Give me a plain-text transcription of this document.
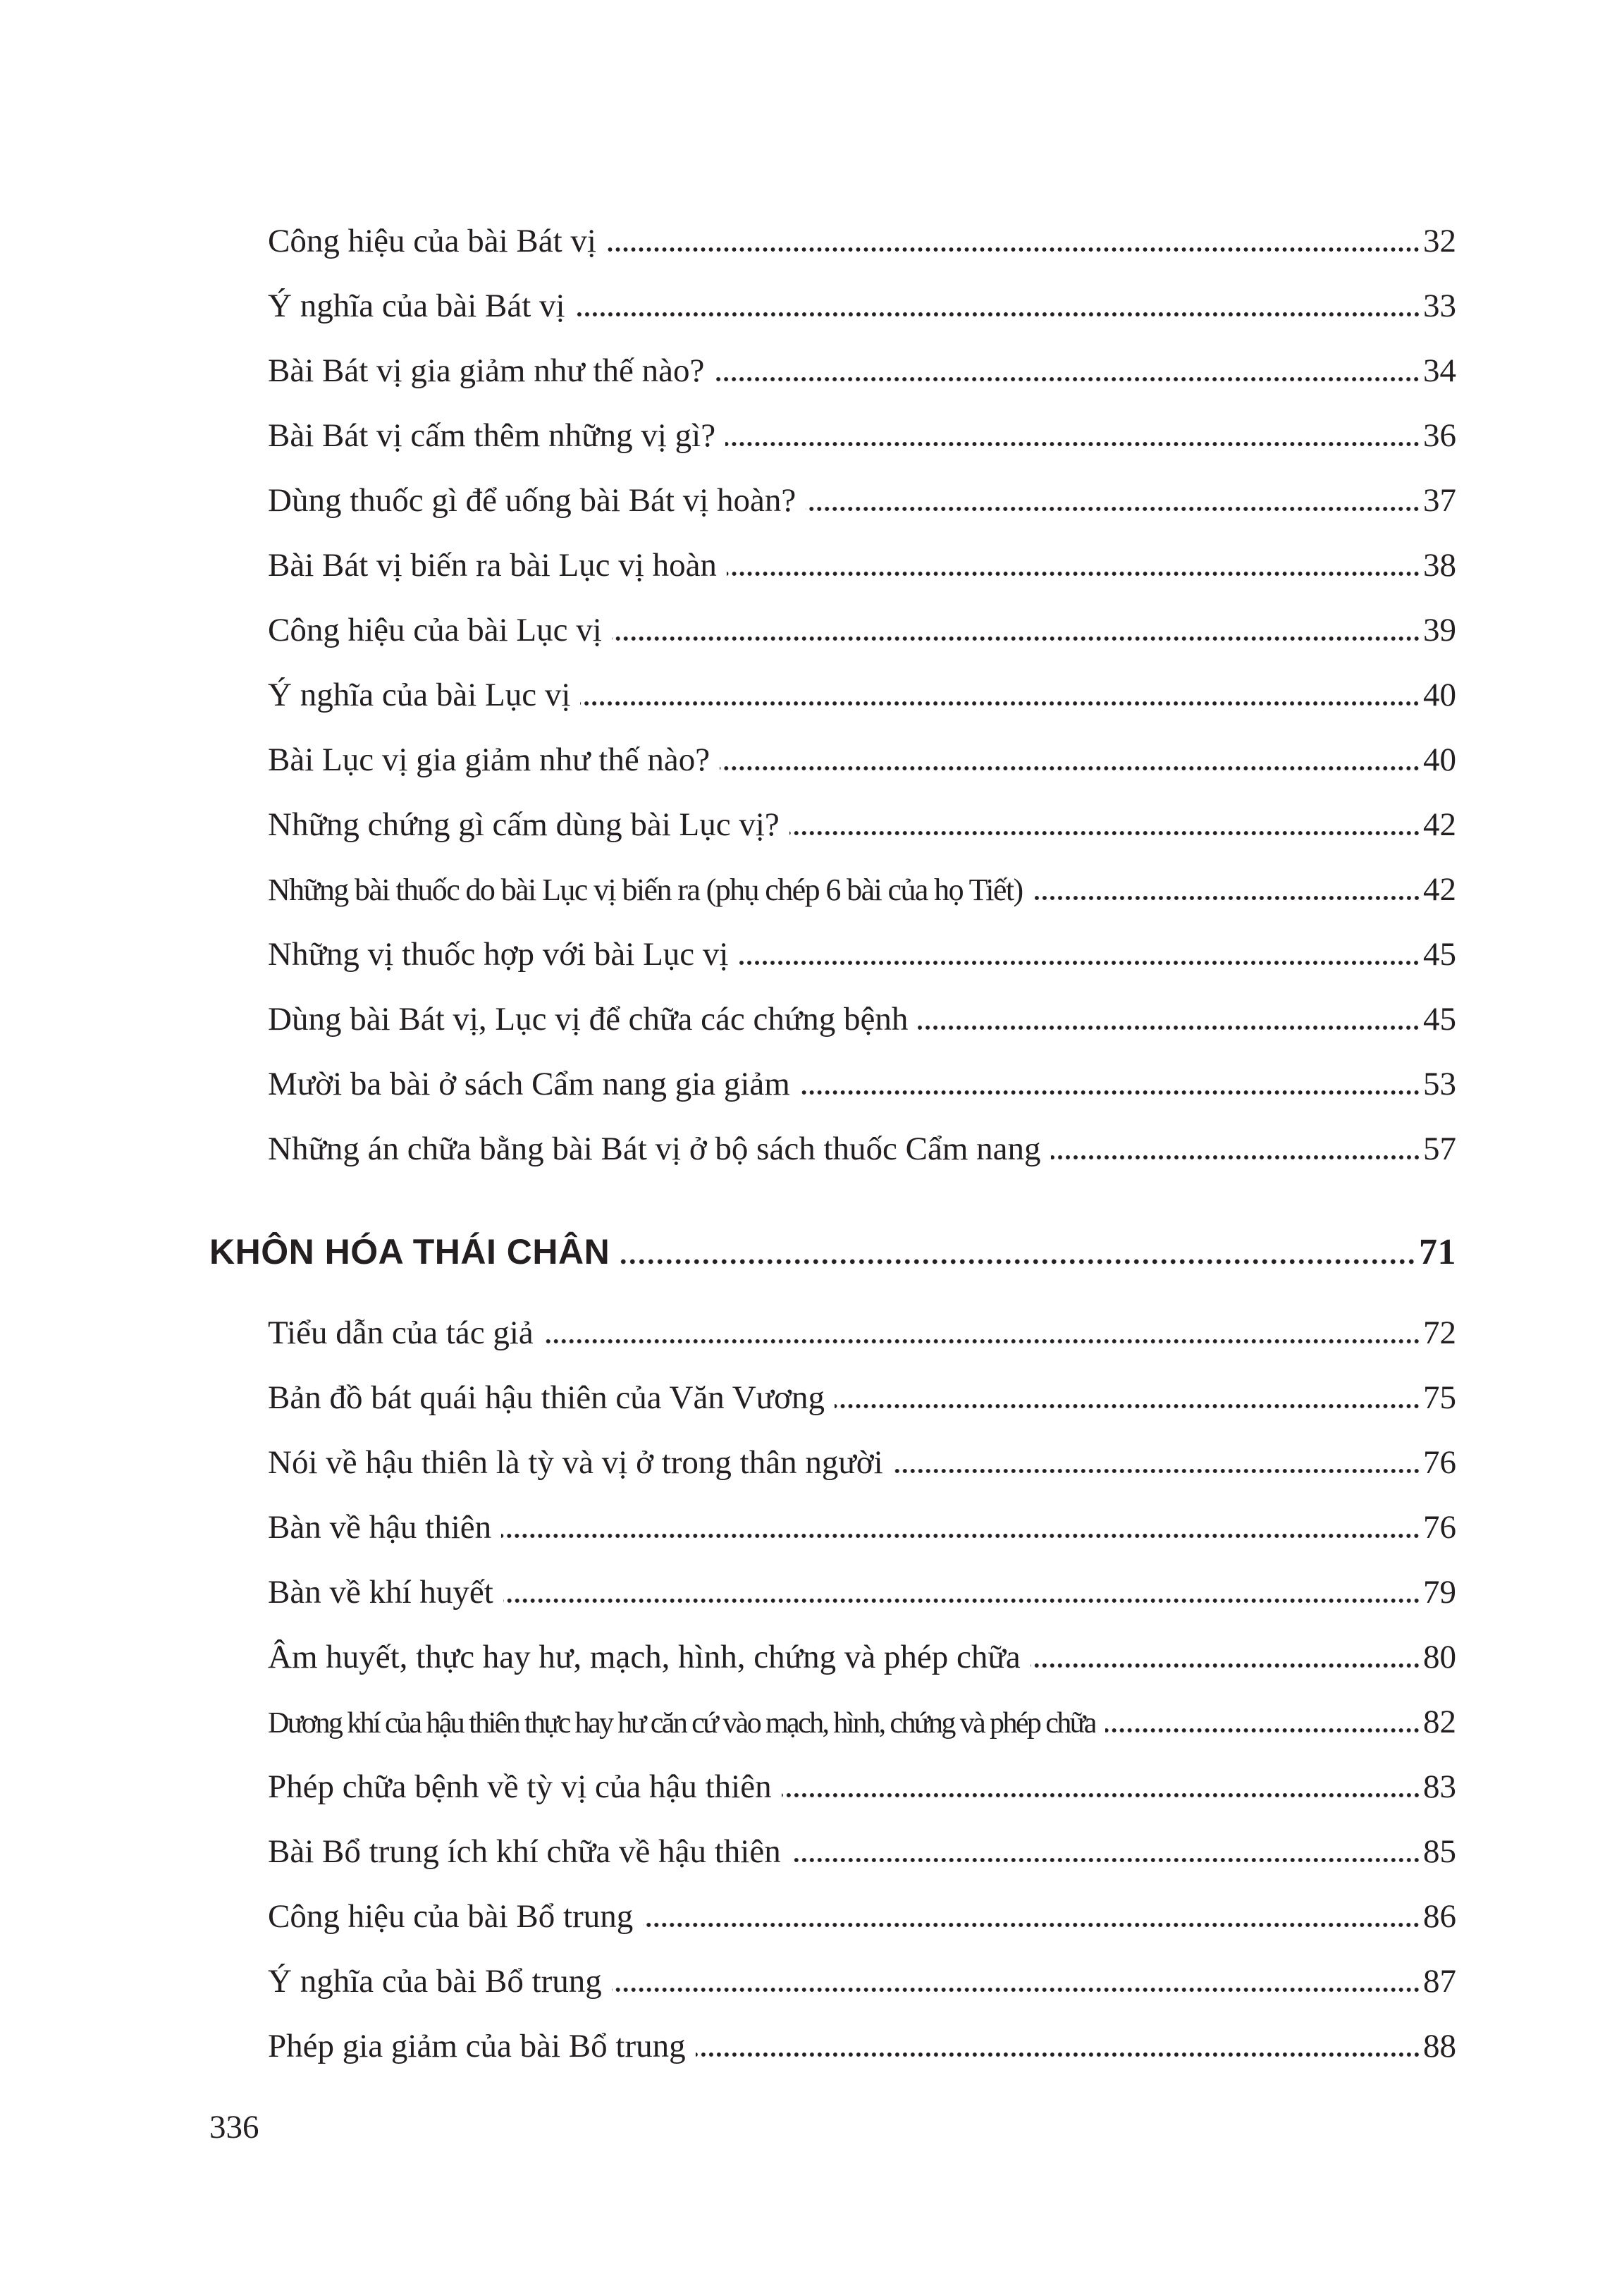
Công hiệu của bài Bát vị	32
Ý nghĩa của bài Bát vị	33
Bài Bát vị gia giảm như thế nào?	34
Bài Bát vị cấm thêm những vị gì?	36
Dùng thuốc gì để uống bài Bát vị hoàn?	37
Bài Bát vị biến ra bài Lục vị hoàn	38
Công hiệu của bài Lục vị	39
Ý nghĩa của bài Lục vị	40
Bài Lục vị gia giảm như thế nào?	40
Những chứng gì cấm dùng bài Lục vị?	42
Những bài thuốc do bài Lục vị biến ra (phụ chép 6 bài của họ Tiết)	42
Những vị thuốc hợp với bài Lục vị	45
Dùng bài Bát vị, Lục vị để chữa các chứng bệnh	45
Mười ba bài ở sách Cẩm nang gia giảm	53
Những án chữa bằng bài Bát vị ở bộ sách thuốc Cẩm nang	57
KHÔN HÓA THÁI CHÂN	71
Tiểu dẫn của tác giả	72
Bản đồ bát quái hậu thiên của Văn Vương	75
Nói về hậu thiên là tỳ và vị ở trong thân người	76
Bàn về hậu thiên	76
Bàn về khí huyết	79
Âm huyết, thực hay hư, mạch, hình, chứng và phép chữa	80
Dương khí của hậu thiên thực hay hư căn cứ vào mạch, hình, chứng và phép chữa	82
Phép chữa bệnh về tỳ vị của hậu thiên	83
Bài Bổ trung ích khí chữa về hậu thiên	85
Công hiệu của bài Bổ trung	86
Ý nghĩa của bài Bổ trung	87
Phép gia giảm của bài Bổ trung	88
336
